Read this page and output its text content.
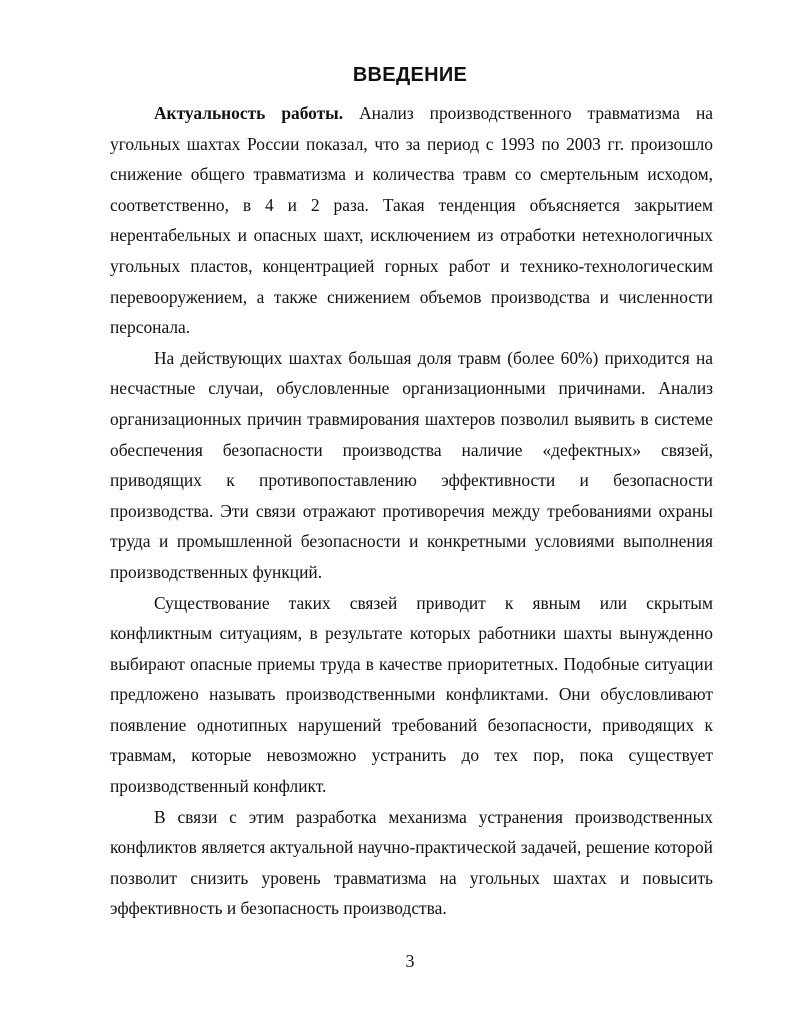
ВВЕДЕНИЕ

Актуальность работы. Анализ производственного травматизма на угольных шахтах России показал, что за период с 1993 по 2003 гг. произошло снижение общего травматизма и количества травм со смертельным исходом, соответственно, в 4 и 2 раза. Такая тенденция объясняется закрытием нерентабельных и опасных шахт, исключением из отработки нетехнологичных угольных пластов, концентрацией горных работ и технико-технологическим перевооружением, а также снижением объемов производства и численности персонала.

На действующих шахтах большая доля травм (более 60%) приходится на несчастные случаи, обусловленные организационными причинами. Анализ организационных причин травмирования шахтеров позволил выявить в системе обеспечения безопасности производства наличие «дефектных» связей, приводящих к противопоставлению эффективности и безопасности производства. Эти связи отражают противоречия между требованиями охраны труда и промышленной безопасности и конкретными условиями выполнения производственных функций.

Существование таких связей приводит к явным или скрытым конфликтным ситуациям, в результате которых работники шахты вынужденно выбирают опасные приемы труда в качестве приоритетных. Подобные ситуации предложено называть производственными конфликтами. Они обусловливают появление однотипных нарушений требований безопасности, приводящих к травмам, которые невозможно устранить до тех пор, пока существует производственный конфликт.

В связи с этим разработка механизма устранения производственных конфликтов является актуальной научно-практической задачей, решение которой позволит снизить уровень травматизма на угольных шахтах и повысить эффективность и безопасность производства.

3
